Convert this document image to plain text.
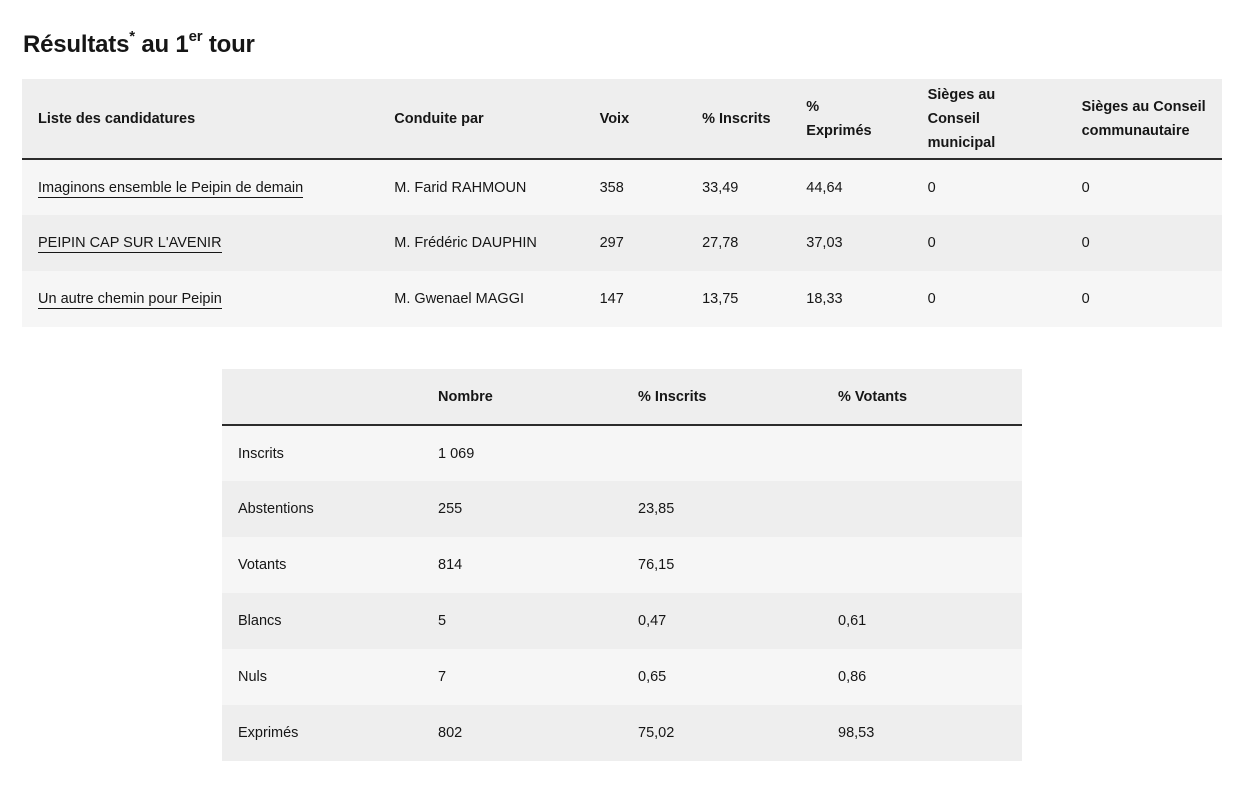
Résultats* au 1er tour
Liste des candidatures	Conduite par	Voix	% Inscrits	% Exprimés	Sièges au Conseil municipal	Sièges au Conseil communautaire
Imaginons ensemble le Peipin de demain	M. Farid RAHMOUN	358	33,49	44,64	0	0
PEIPIN CAP SUR L'AVENIR	M. Frédéric DAUPHIN	297	27,78	37,03	0	0
Un autre chemin pour Peipin	M. Gwenael MAGGI	147	13,75	18,33	0	0
	Nombre	% Inscrits	% Votants
Inscrits	1 069		
Abstentions	255	23,85	
Votants	814	76,15	
Blancs	5	0,47	0,61
Nuls	7	0,65	0,86
Exprimés	802	75,02	98,53
